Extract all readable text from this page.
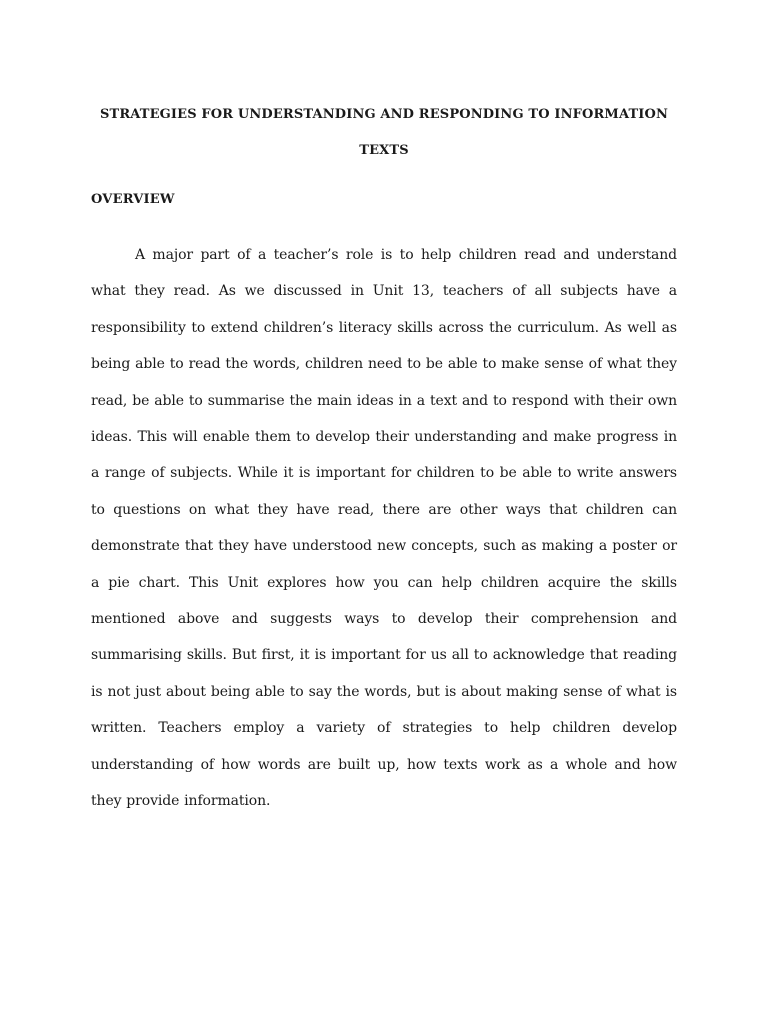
STRATEGIES FOR UNDERSTANDING AND RESPONDING TO INFORMATION
TEXTS
OVERVIEW

A major part of a teacher’s role is to help children read and understand what they read. As we discussed in Unit 13, teachers of all subjects have a responsibility to extend children’s literacy skills across the curriculum. As well as being able to read the words, children need to be able to make sense of what they read, be able to summarise the main ideas in a text and to respond with their own ideas. This will enable them to develop their understanding and make progress in a range of subjects. While it is important for children to be able to write answers to questions on what they have read, there are other ways that children can demonstrate that they have understood new concepts, such as making a poster or a pie chart. This Unit explores how you can help children acquire the skills mentioned above and suggests ways to develop their comprehension and summarising skills. But first, it is important for us all to acknowledge that reading is not just about being able to say the words, but is about making sense of what is written. Teachers employ a variety of strategies to help children develop understanding of how words are built up, how texts work as a whole and how they provide information.
